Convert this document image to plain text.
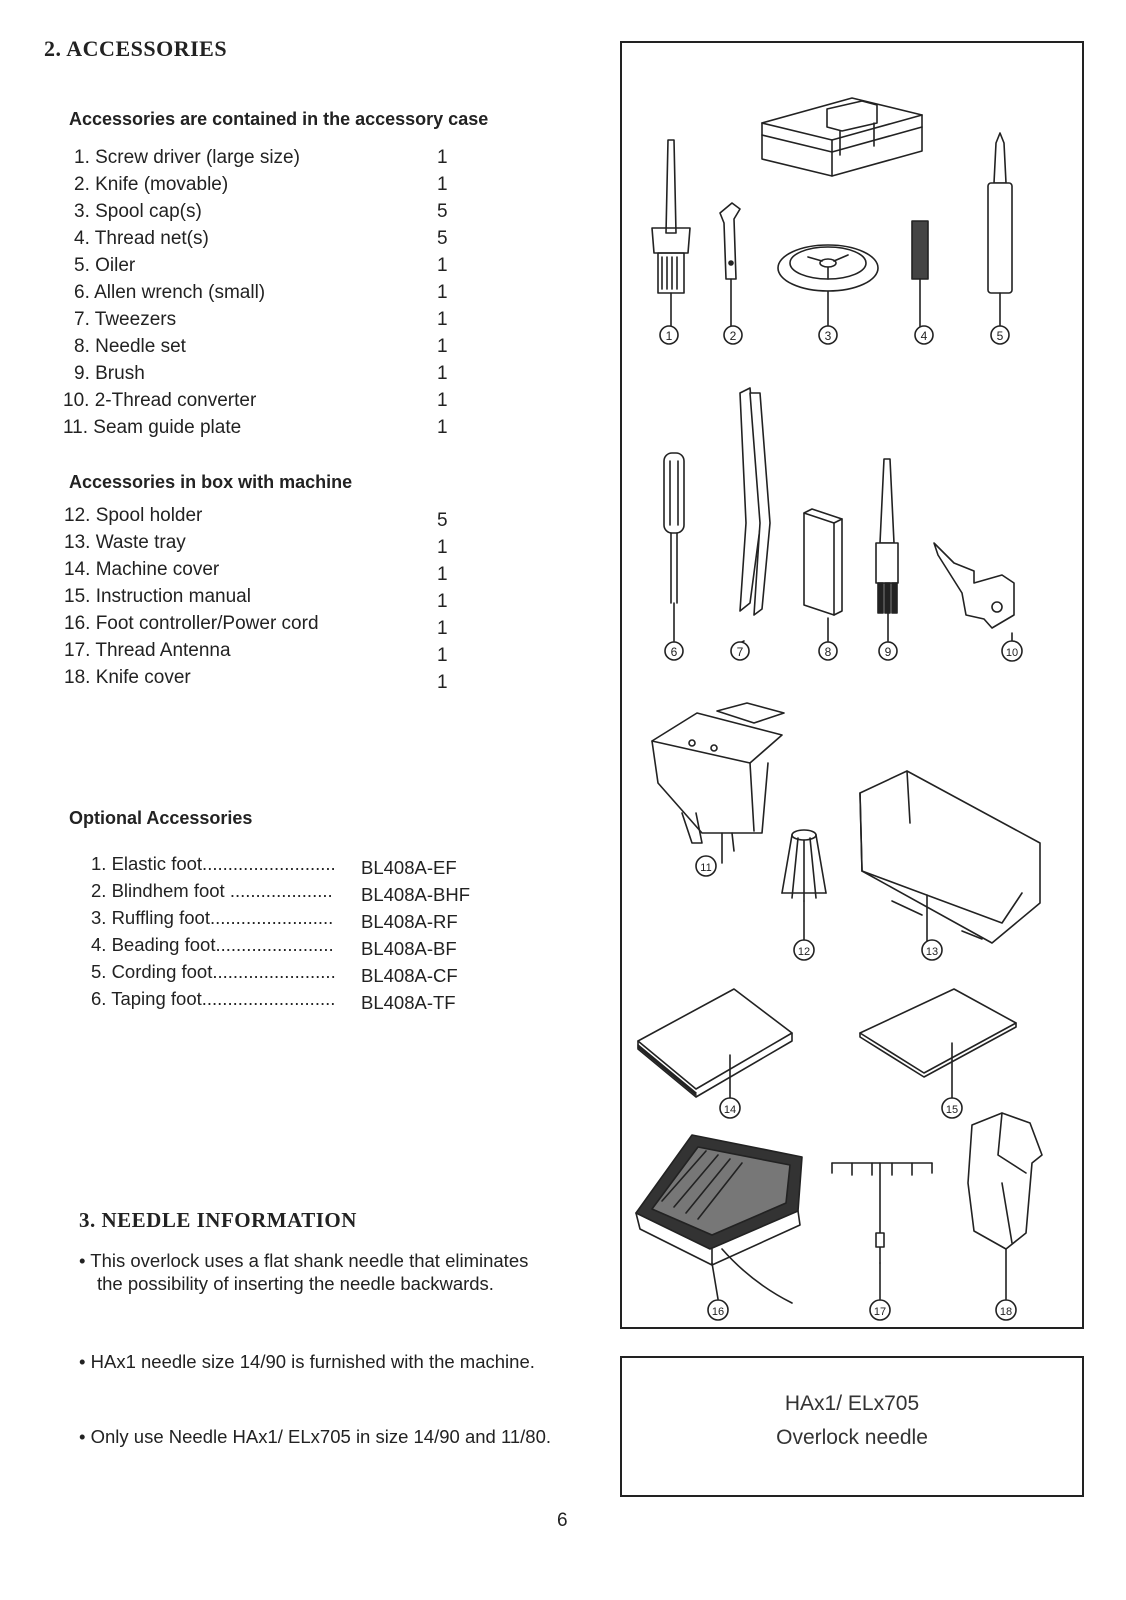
2. ACCESSORIES
Accessories are contained in the accessory case
1. Screw driver (large size)	1
2. Knife (movable)	1
3. Spool cap(s)	5
4. Thread net(s)	5
5. Oiler	1
6. Allen wrench (small)	1
7. Tweezers	1
8. Needle set	1
9. Brush	1
10. 2-Thread converter	1
11. Seam guide plate	1
Accessories in box with machine
12. Spool holder	5
13. Waste tray	1
14. Machine cover	1
15. Instruction manual	1
16. Foot controller/Power cord	1
17. Thread Antenna	1
18. Knife cover	1
Optional Accessories
1. Elastic foot.......................... BL408A-EF
2. Blindhem foot .................... BL408A-BHF
3. Ruffling foot........................ BL408A-RF
4. Beading foot....................... BL408A-BF
5. Cording foot........................ BL408A-CF
6. Taping foot.......................... BL408A-TF
3. NEEDLE INFORMATION
• This overlock uses a flat shank needle that eliminates
the possibility of inserting the needle backwards.
• HAx1 needle size 14/90 is furnished with the machine.
• Only use Needle HAx1/ ELx705 in size 14/90 and 11/80.
1	2	3	4	5
6	7	8	9	10
11
12	13
14	15
16	17	18
HAx1/ ELx705
Overlock needle
6
